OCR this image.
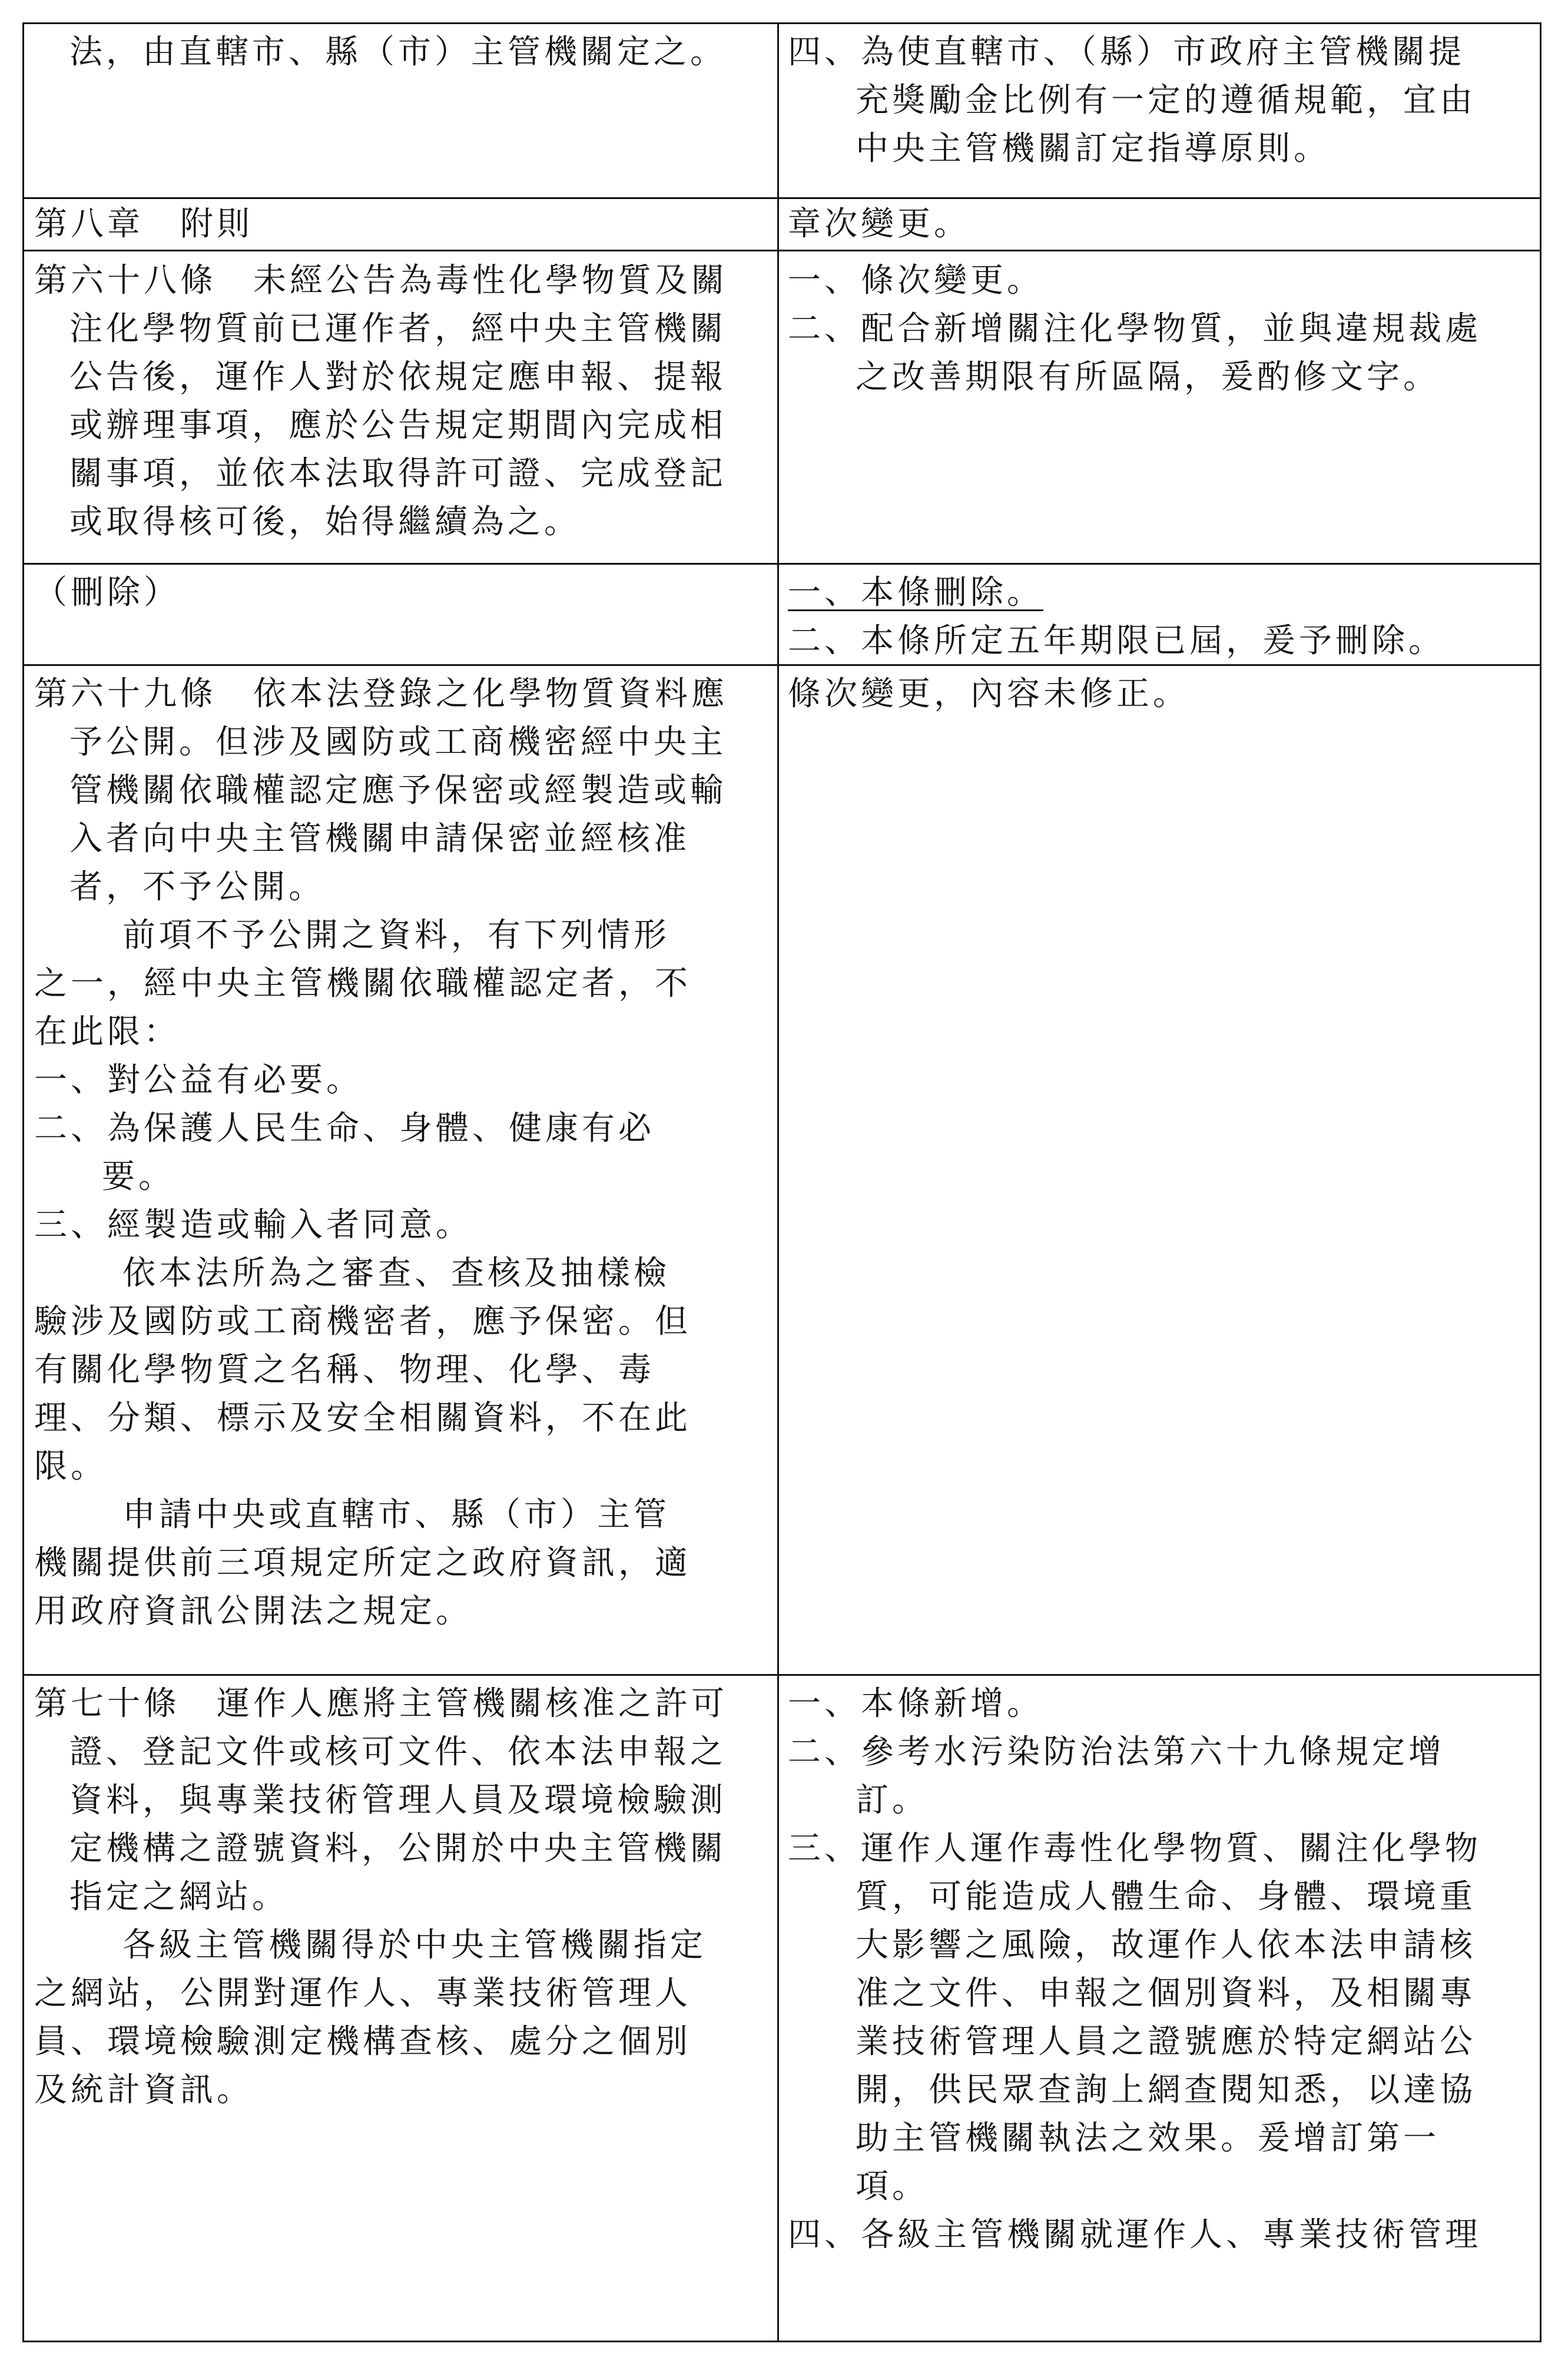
法，由直轄市、縣（市）主管機關定之。 四、為使直轄市、（縣）市政府主管機關提
充獎勵金比例有一定的遵循規範，宜由
中央主管機關訂定指導原則。
第八章　附則	章次變更。
第六十八條　未經公告為毒性化學物質及關
注化學物質前已運作者，經中央主管機關
公告後，運作人對於依規定應申報、提報
或辦理事項，應於公告規定期間內完成相
關事項，並依本法取得許可證、完成登記
或取得核可後，始得繼續為之。
一、條次變更。
二、配合新增關注化學物質，並與違規裁處
之改善期限有所區隔，爰酌修文字。
（刪除）	一、本條刪除。
二、本條所定五年期限已屆，爰予刪除。
第六十九條　依本法登錄之化學物質資料應
予公開。但涉及國防或工商機密經中央主
管機關依職權認定應予保密或經製造或輸
入者向中央主管機關申請保密並經核准
者，不予公開。
前項不予公開之資料，有下列情形
之一，經中央主管機關依職權認定者，不
在此限：
一、對公益有必要。
二、為保護人民生命、身體、健康有必
要。
三、經製造或輸入者同意。
依本法所為之審查、查核及抽樣檢
驗涉及國防或工商機密者，應予保密。但
有關化學物質之名稱、物理、化學、毒
理、分類、標示及安全相關資料，不在此
限。
申請中央或直轄市、縣（市）主管
機關提供前三項規定所定之政府資訊，適
用政府資訊公開法之規定。
條次變更，內容未修正。
第七十條　運作人應將主管機關核准之許可
證、登記文件或核可文件、依本法申報之
資料，與專業技術管理人員及環境檢驗測
定機構之證號資料，公開於中央主管機關
指定之網站。
各級主管機關得於中央主管機關指定
之網站，公開對運作人、專業技術管理人
員、環境檢驗測定機構查核、處分之個別
及統計資訊。
一、本條新增。
二、參考水污染防治法第六十九條規定增
訂。
三、運作人運作毒性化學物質、關注化學物
質，可能造成人體生命、身體、環境重
大影響之風險，故運作人依本法申請核
准之文件、申報之個別資料，及相關專
業技術管理人員之證號應於特定網站公
開，供民眾查詢上網查閱知悉，以達協
助主管機關執法之效果。爰增訂第一
項。
四、各級主管機關就運作人、專業技術管理
